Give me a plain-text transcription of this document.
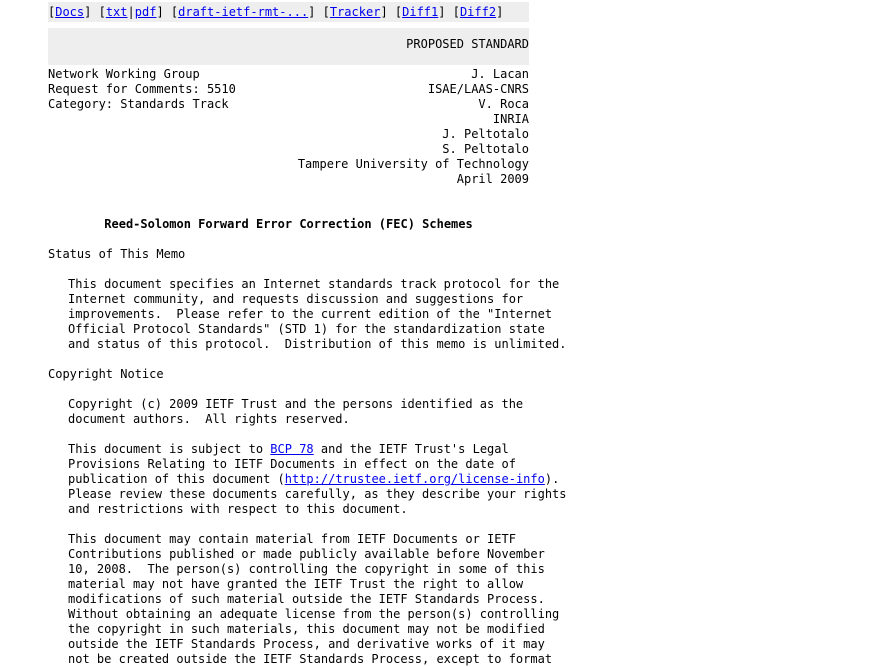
[Docs] [txt|pdf] [draft-ietf-rmt-...] [Tracker] [Diff1] [Diff2]
PROPOSED STANDARD
Network Working Group	J. Lacan
Request for Comments: 5510	ISAE/LAAS-CNRS
Category: Standards Track	V. Roca
INRIA
J. Peltotalo
S. Peltotalo
Tampere University of Technology
April 2009
Reed-Solomon Forward Error Correction (FEC) Schemes
Status of This Memo
This document specifies an Internet standards track protocol for the
Internet community, and requests discussion and suggestions for
improvements.  Please refer to the current edition of the "Internet
Official Protocol Standards" (STD 1) for the standardization state
and status of this protocol.  Distribution of this memo is unlimited.
Copyright Notice
Copyright (c) 2009 IETF Trust and the persons identified as the
document authors.  All rights reserved.
This document is subject to BCP 78 and the IETF Trust's Legal
Provisions Relating to IETF Documents in effect on the date of
publication of this document (http://trustee.ietf.org/license-info).
Please review these documents carefully, as they describe your rights
and restrictions with respect to this document.
This document may contain material from IETF Documents or IETF
Contributions published or made publicly available before November
10, 2008.  The person(s) controlling the copyright in some of this
material may not have granted the IETF Trust the right to allow
modifications of such material outside the IETF Standards Process.
Without obtaining an adequate license from the person(s) controlling
the copyright in such materials, this document may not be modified
outside the IETF Standards Process, and derivative works of it may
not be created outside the IETF Standards Process, except to format
